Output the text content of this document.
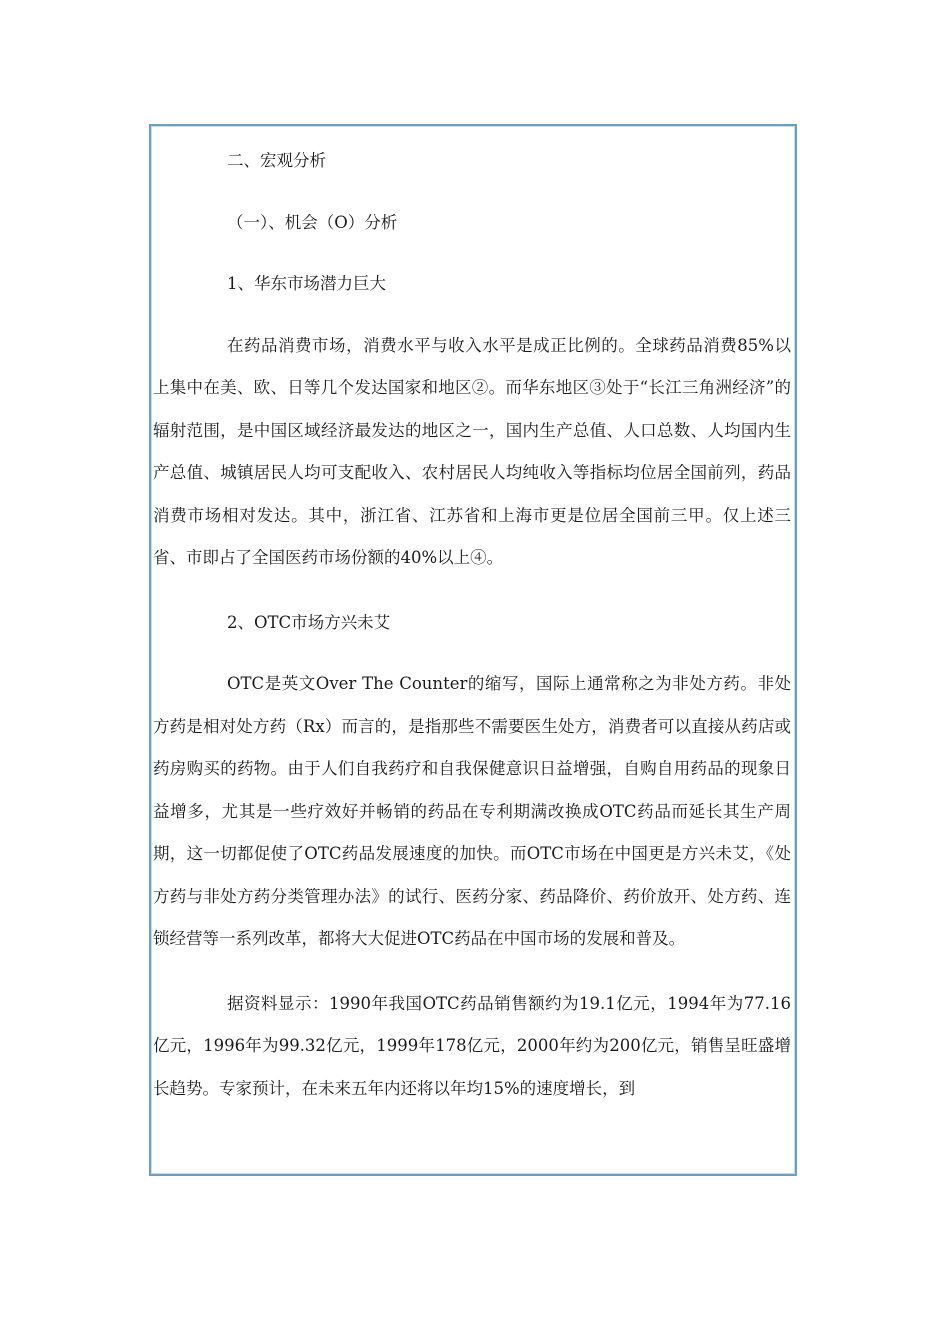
二、宏观分析

（一）、机会（O）分析

1、华东市场潜力巨大

在药品消费市场，消费水平与收入水平是成正比例的。全球药品消费85%以上集中在美、欧、日等几个发达国家和地区②。而华东地区③处于“长江三角洲经济”的辐射范围，是中国区域经济最发达的地区之一，国内生产总值、人口总数、人均国内生产总值、城镇居民人均可支配收入、农村居民人均纯收入等指标均位居全国前列，药品消费市场相对发达。其中，浙江省、江苏省和上海市更是位居全国前三甲。仅上述三省、市即占了全国医药市场份额的40%以上④。

2、OTC市场方兴未艾

OTC是英文Over The Counter的缩写，国际上通常称之为非处方药。非处方药是相对处方药（Rx）而言的，是指那些不需要医生处方，消费者可以直接从药店或药房购买的药物。由于人们自我药疗和自我保健意识日益增强，自购自用药品的现象日益增多，尤其是一些疗效好并畅销的药品在专利期满改换成OTC药品而延长其生产周期，这一切都促使了OTC药品发展速度的加快。而OTC市场在中国更是方兴未艾，《处方药与非处方药分类管理办法》的试行、医药分家、药品降价、药价放开、处方药、连锁经营等一系列改革，都将大大促进OTC药品在中国市场的发展和普及。

据资料显示：1990年我国OTC药品销售额约为19.1亿元，1994年为77.16亿元，1996年为99.32亿元，1999年178亿元，2000年约为200亿元，销售呈旺盛增长趋势。专家预计，在未来五年内还将以年均15%的速度增长，到
